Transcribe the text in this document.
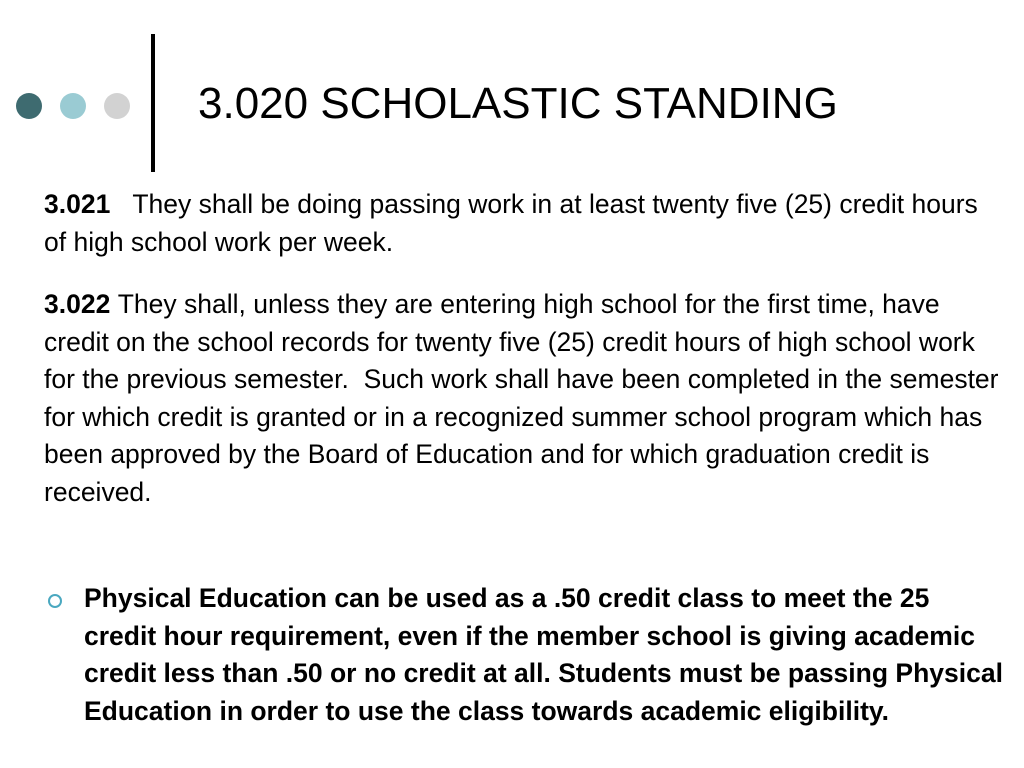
3.020 SCHOLASTIC STANDING

3.021 They shall be doing passing work in at least twenty five (25) credit hours of high school work per week.

3.022 They shall, unless they are entering high school for the first time, have credit on the school records for twenty five (25) credit hours of high school work for the previous semester.  Such work shall have been completed in the semester for which credit is granted or in a recognized summer school program which has been approved by the Board of Education and for which graduation credit is received.

Physical Education can be used as a .50 credit class to meet the 25 credit hour requirement, even if the member school is giving academic credit less than .50 or no credit at all. Students must be passing Physical Education in order to use the class towards academic eligibility.
